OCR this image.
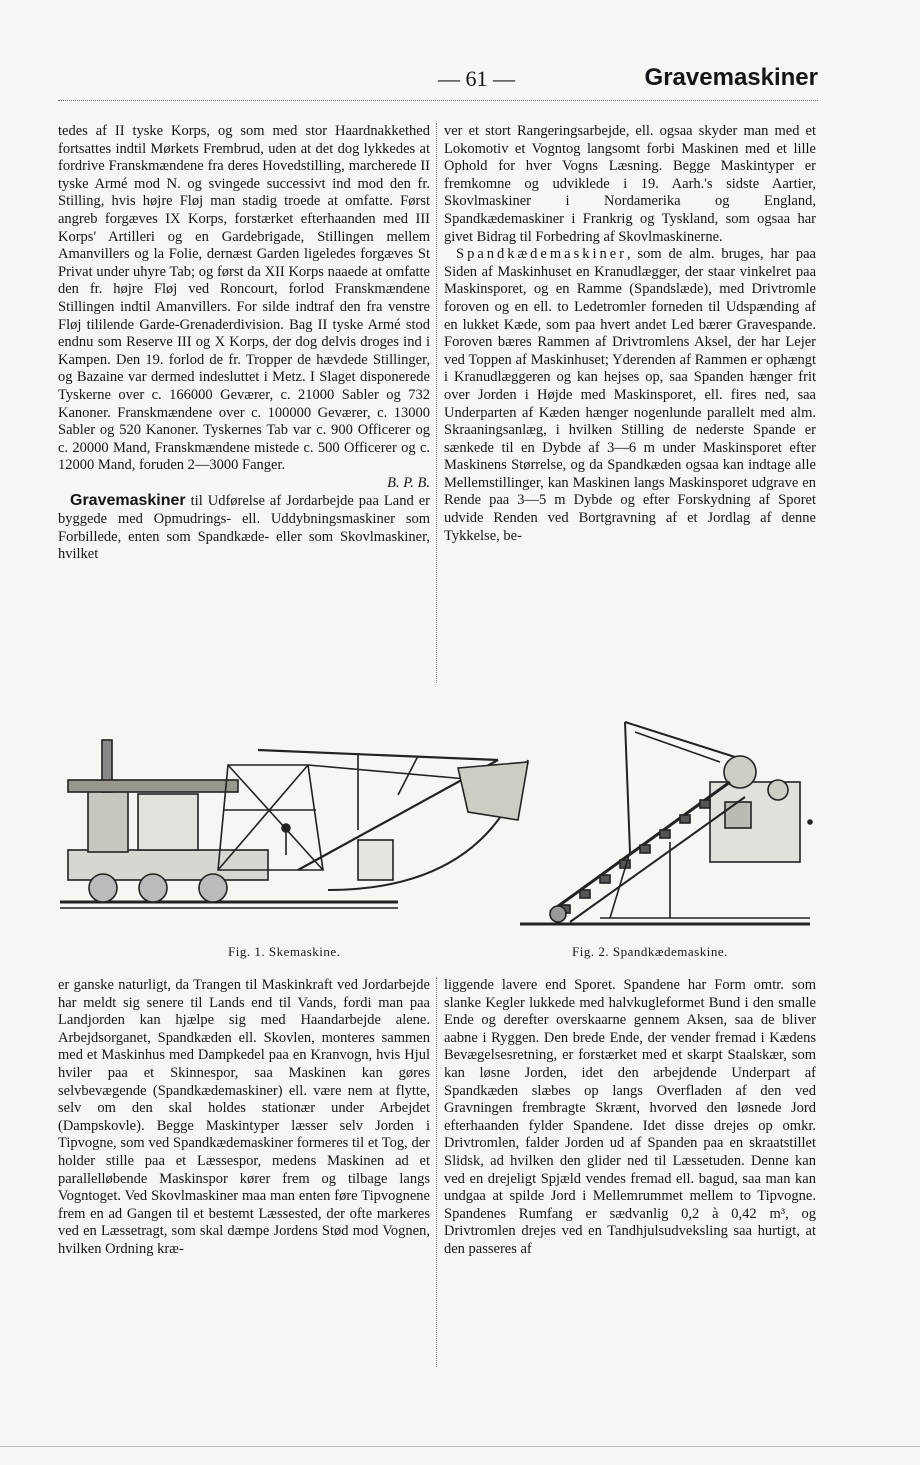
— 61 —	Gravemaskiner

tedes af II tyske Korps, og som med stor Haardnakkethed fortsattes indtil Mørkets Frembrud, uden at det dog lykkedes at fordrive Franskmændene fra deres Hovedstilling, marcherede II tyske Armé mod N. og svingede successivt ind mod den fr. Stilling, hvis højre Fløj man stadig troede at omfatte. Først angreb forgæves IX Korps, forstærket efterhaanden med III Korps' Artilleri og en Gardebrigade, Stillingen mellem Amanvillers og la Folie, dernæst Garden ligeledes forgæves St Privat under uhyre Tab; og først da XII Korps naaede at omfatte den fr. højre Fløj ved Roncourt, forlod Franskmændene Stillingen indtil Amanvillers. For silde indtraf den fra venstre Fløj tililende Garde-Grenaderdivision. Bag II tyske Armé stod endnu som Reserve III og X Korps, der dog delvis droges ind i Kampen. Den 19. forlod de fr. Tropper de hævdede Stillinger, og Bazaine var dermed indesluttet i Metz. I Slaget disponerede Tyskerne over c. 166000 Geværer, c. 21000 Sabler og 732 Kanoner. Franskmændene over c. 100000 Geværer, c. 13000 Sabler og 520 Kanoner. Tyskernes Tab var c. 900 Officerer og c. 20000 Mand, Franskmændene mistede c. 500 Officerer og c. 12000 Mand, foruden 2—3000 Fanger.

B. P. B.

Gravemaskiner til Udførelse af Jordarbejde paa Land er byggede med Opmudrings- ell. Uddybningsmaskiner som Forbillede, enten som Spandkæde- eller som Skovlmaskiner, hvilket

ver et stort Rangeringsarbejde, ell. ogsaa skyder man med et Lokomotiv et Vogntog langsomt forbi Maskinen med et lille Ophold for hver Vogns Læsning. Begge Maskintyper er fremkomne og udviklede i 19. Aarh.'s sidste Aartier, Skovlmaskiner i Nordamerika og England, Spandkædemaskiner i Frankrig og Tyskland, som ogsaa har givet Bidrag til Forbedring af Skovlmaskinerne.

Spandkædemaskiner, som de alm. bruges, har paa Siden af Maskinhuset en Kranudlægger, der staar vinkelret paa Maskinsporet, og en Ramme (Spandslæde), med Drivtromle foroven og en ell. to Ledetromler forneden til Udspænding af en lukket Kæde, som paa hvert andet Led bærer Gravespande. Foroven bæres Rammen af Drivtromlens Aksel, der har Lejer ved Toppen af Maskinhuset; Yderenden af Rammen er ophængt i Kranudlæggeren og kan hejses op, saa Spanden hænger frit over Jorden i Højde med Maskinsporet, ell. fires ned, saa Underparten af Kæden hænger nogenlunde parallelt med alm. Skraaningsanlæg, i hvilken Stilling de nederste Spande er sænkede til en Dybde af 3—6 m under Maskinsporet efter Maskinens Størrelse, og da Spandkæden ogsaa kan indtage alle Mellemstillinger, kan Maskinen langs Maskinsporet udgrave en Rende paa 3—5 m Dybde og efter Forskydning af Sporet udvide Renden ved Bortgravning af et Jordlag af denne Tykkelse, be-

Fig. 1. Skemaskine.	Fig. 2. Spandkædemaskine.

er ganske naturligt, da Trangen til Maskinkraft ved Jordarbejde har meldt sig senere til Lands end til Vands, fordi man paa Landjorden kan hjælpe sig med Haandarbejde alene. Arbejdsorganet, Spandkæden ell. Skovlen, monteres sammen med et Maskinhus med Dampkedel paa en Kranvogn, hvis Hjul hviler paa et Skinnespor, saa Maskinen kan gøres selvbevægende (Spandkædemaskiner) ell. være nem at flytte, selv om den skal holdes stationær under Arbejdet (Dampskovle). Begge Maskintyper læsser selv Jorden i Tipvogne, som ved Spandkædemaskiner formeres til et Tog, der holder stille paa et Læssespor, medens Maskinen ad et parallelløbende Maskinspor kører frem og tilbage langs Vogntoget. Ved Skovlmaskiner maa man enten føre Tipvognene frem en ad Gangen til et bestemt Læssested, der ofte markeres ved en Læssetragt, som skal dæmpe Jordens Stød mod Vognen, hvilken Ordning kræ-

liggende lavere end Sporet. Spandene har Form omtr. som slanke Kegler lukkede med halvkugleformet Bund i den smalle Ende og derefter overskaarne gennem Aksen, saa de bliver aabne i Ryggen. Den brede Ende, der vender fremad i Kædens Bevægelsesretning, er forstærket med et skarpt Staalskær, som kan løsne Jorden, idet den arbejdende Underpart af Spandkæden slæbes op langs Overfladen af den ved Gravningen frembragte Skrænt, hvorved den løsnede Jord efterhaanden fylder Spandene. Idet disse drejes op omkr. Drivtromlen, falder Jorden ud af Spanden paa en skraatstillet Slidsk, ad hvilken den glider ned til Læssetuden. Denne kan ved en drejeligt Spjæld vendes fremad ell. bagud, saa man kan undgaa at spilde Jord i Mellemrummet mellem to Tipvogne. Spandenes Rumfang er sædvanlig 0,2 à 0,42 m³, og Drivtromlen drejes ved en Tandhjulsudveksling saa hurtigt, at den passeres af
